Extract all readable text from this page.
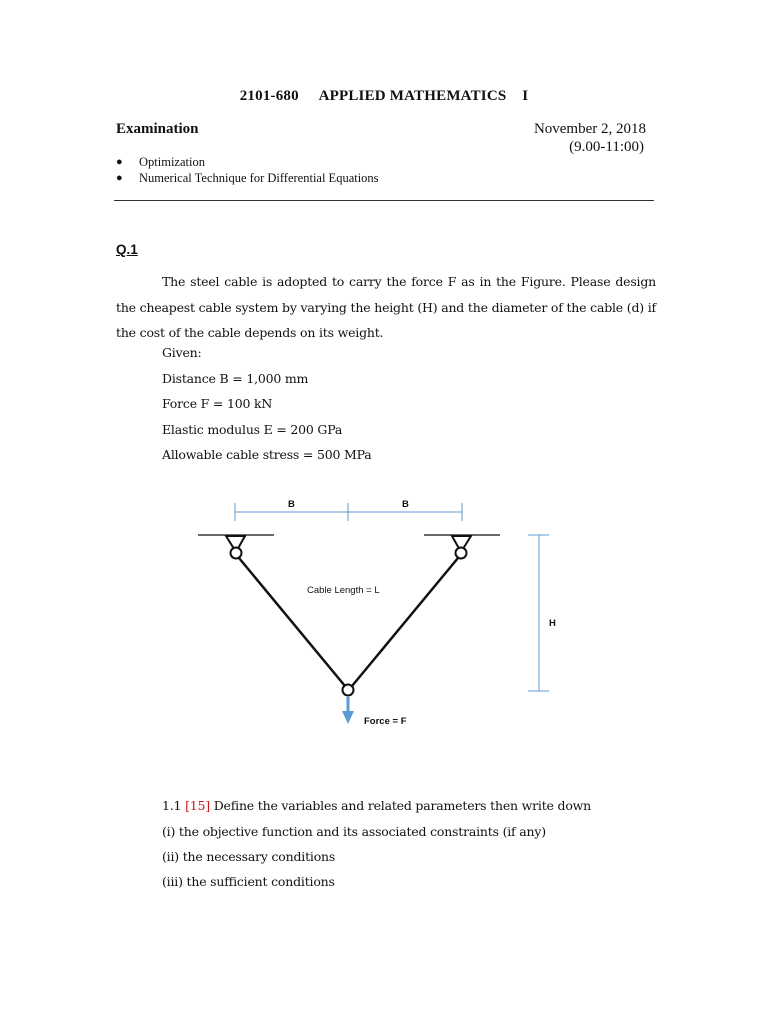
2101-680 APPLIED MATHEMATICS I
Examination	November 2, 2018
(9.00-11:00)
● Optimization
● Numerical Technique for Differential Equations
Q.1
The steel cable is adopted to carry the force F as in the Figure. Please design the cheapest cable system by varying the height (H) and the diameter of the cable (d) if the cost of the cable depends on its weight.
Given:
Distance B = 1,000 mm
Force F = 100 kN
Elastic modulus E = 200 GPa
Allowable cable stress = 500 MPa
B	B
Force = F
Cable Length = L
H
1.1 [15] Define the variables and related parameters then write down
(i) the objective function and its associated constraints (if any)
(ii) the necessary conditions
(iii) the sufficient conditions
